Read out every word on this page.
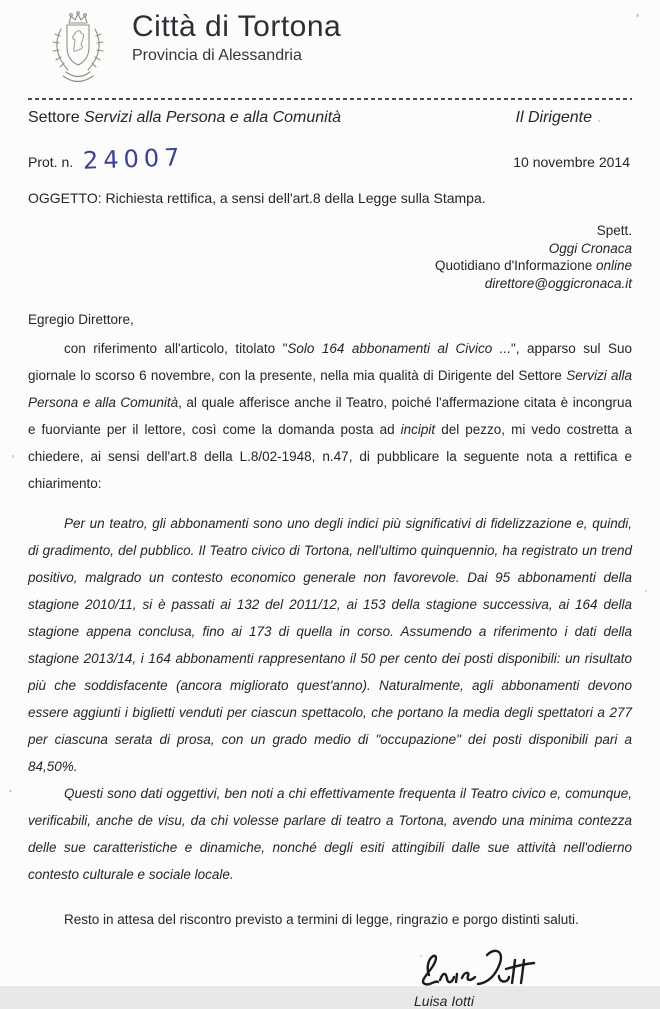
Città di Tortona
Provincia di Alessandria
Settore Servizi alla Persona e alla Comunità	Il Dirigente
Prot. n. 24007	10 novembre 2014
OGGETTO: Richiesta rettifica, a sensi dell'art.8 della Legge sulla Stampa.
Spett.
Oggi Cronaca
Quotidiano d'Informazione online
direttore@oggicronaca.it
Egregio Direttore,

con riferimento all'articolo, titolato "Solo 164 abbonamenti al Civico ...", apparso sul Suo giornale lo scorso 6 novembre, con la presente, nella mia qualità di Dirigente del Settore Servizi alla Persona e alla Comunità, al quale afferisce anche il Teatro, poiché l'affermazione citata è incongrua e fuorviante per il lettore, così come la domanda posta ad incipit del pezzo, mi vedo costretta a chiedere, ai sensi dell'art.8 della L.8/02-1948, n.47, di pubblicare la seguente nota a rettifica e chiarimento:

Per un teatro, gli abbonamenti sono uno degli indici più significativi di fidelizzazione e, quindi, di gradimento, del pubblico. Il Teatro civico di Tortona, nell'ultimo quinquennio, ha registrato un trend positivo, malgrado un contesto economico generale non favorevole. Dai 95 abbonamenti della stagione 2010/11, si è passati ai 132 del 2011/12, ai 153 della stagione successiva, ai 164 della stagione appena conclusa, fino ai 173 di quella in corso. Assumendo a riferimento i dati della stagione 2013/14, i 164 abbonamenti rappresentano il 50 per cento dei posti disponibili: un risultato più che soddisfacente (ancora migliorato quest'anno). Naturalmente, agli abbonamenti devono essere aggiunti i biglietti venduti per ciascun spettacolo, che portano la media degli spettatori a 277 per ciascuna serata di prosa, con un grado medio di "occupazione" dei posti disponibili pari a 84,50%.

Questi sono dati oggettivi, ben noti a chi effettivamente frequenta il Teatro civico e, comunque, verificabili, anche de visu, da chi volesse parlare di teatro a Tortona, avendo una minima contezza delle sue caratteristiche e dinamiche, nonché degli esiti attingibili dalle sue attività nell'odierno contesto culturale e sociale locale.

Resto in attesa del riscontro previsto a termini di legge, ringrazio e porgo distinti saluti.

Luisa Iotti
